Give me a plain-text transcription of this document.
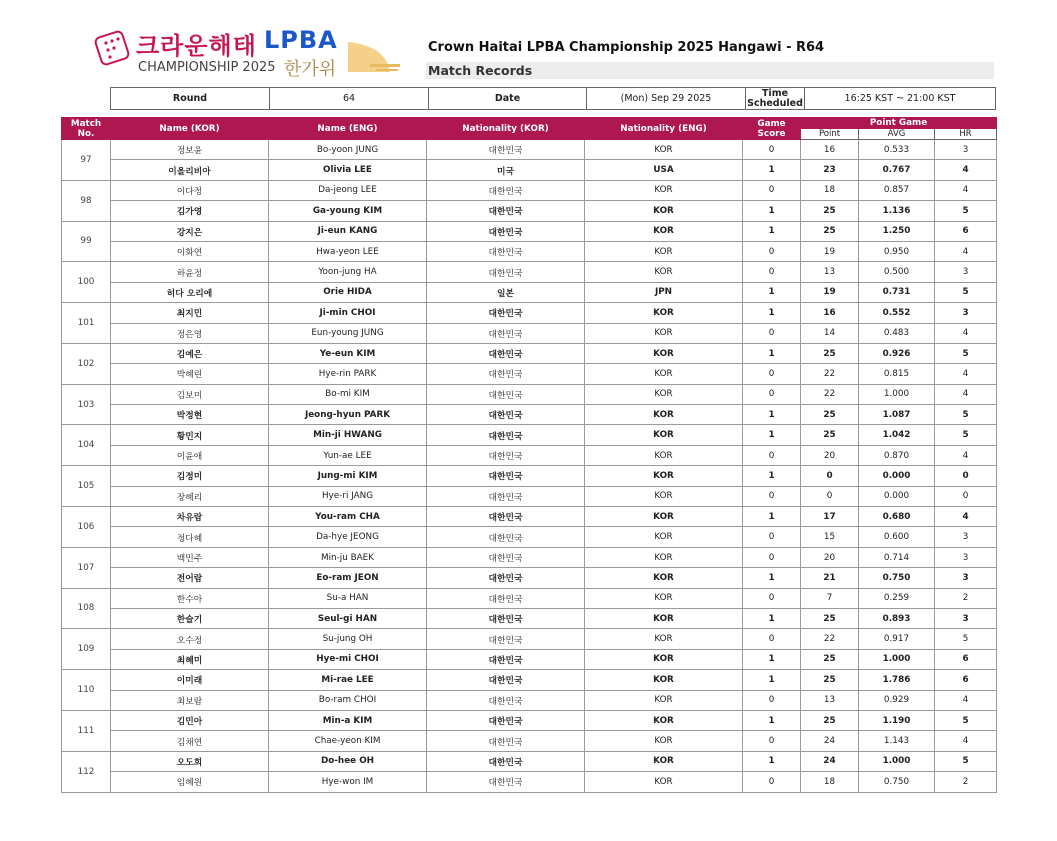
크라운해태 LPBA
CHAMPIONSHIP 2025 한가위
Crown Haitai LPBA Championship 2025 Hangawi - R64
Match Records
Round	64	Date	(Mon) Sep 29 2025	Time Scheduled	16:25 KST ~ 21:00 KST
Match No.	Name (KOR)	Name (ENG)	Nationality (KOR)	Nationality (ENG)	Game Score	Point Game		
						Point	AVG	HR
97	정보윤	Bo-yoon JUNG	대한민국	KOR	0	16	0.533	3
	이올리비아	Olivia LEE	미국	USA	1	23	0.767	4
98	이다정	Da-jeong LEE	대한민국	KOR	0	18	0.857	4
	김가영	Ga-young KIM	대한민국	KOR	1	25	1.136	5
99	강지은	Ji-eun KANG	대한민국	KOR	1	25	1.250	6
	이화연	Hwa-yeon LEE	대한민국	KOR	0	19	0.950	4
100	하윤정	Yoon-jung HA	대한민국	KOR	0	13	0.500	3
	히다 오리에	Orie HIDA	일본	JPN	1	19	0.731	5
101	최지민	Ji-min CHOI	대한민국	KOR	1	16	0.552	3
	정은영	Eun-young JUNG	대한민국	KOR	0	14	0.483	4
102	김예은	Ye-eun KIM	대한민국	KOR	1	25	0.926	5
	박혜린	Hye-rin PARK	대한민국	KOR	0	22	0.815	4
103	김보미	Bo-mi KIM	대한민국	KOR	0	22	1.000	4
	박정현	Jeong-hyun PARK	대한민국	KOR	1	25	1.087	5
104	황민지	Min-ji HWANG	대한민국	KOR	1	25	1.042	5
	이윤애	Yun-ae LEE	대한민국	KOR	0	20	0.870	4
105	김정미	Jung-mi KIM	대한민국	KOR	1	0	0.000	0
	장혜리	Hye-ri JANG	대한민국	KOR	0	0	0.000	0
106	차유람	You-ram CHA	대한민국	KOR	1	17	0.680	4
	정다혜	Da-hye JEONG	대한민국	KOR	0	15	0.600	3
107	백민주	Min-ju BAEK	대한민국	KOR	0	20	0.714	3
	전어람	Eo-ram JEON	대한민국	KOR	1	21	0.750	3
108	한수아	Su-a HAN	대한민국	KOR	0	7	0.259	2
	한슬기	Seul-gi HAN	대한민국	KOR	1	25	0.893	3
109	오수정	Su-jung OH	대한민국	KOR	0	22	0.917	5
	최혜미	Hye-mi CHOI	대한민국	KOR	1	25	1.000	6
110	이미래	Mi-rae LEE	대한민국	KOR	1	25	1.786	6
	최보람	Bo-ram CHOI	대한민국	KOR	0	13	0.929	4
111	김민아	Min-a KIM	대한민국	KOR	1	25	1.190	5
	김채연	Chae-yeon KIM	대한민국	KOR	0	24	1.143	4
112	오도희	Do-hee OH	대한민국	KOR	1	24	1.000	5
	임혜원	Hye-won IM	대한민국	KOR	0	18	0.750	2
